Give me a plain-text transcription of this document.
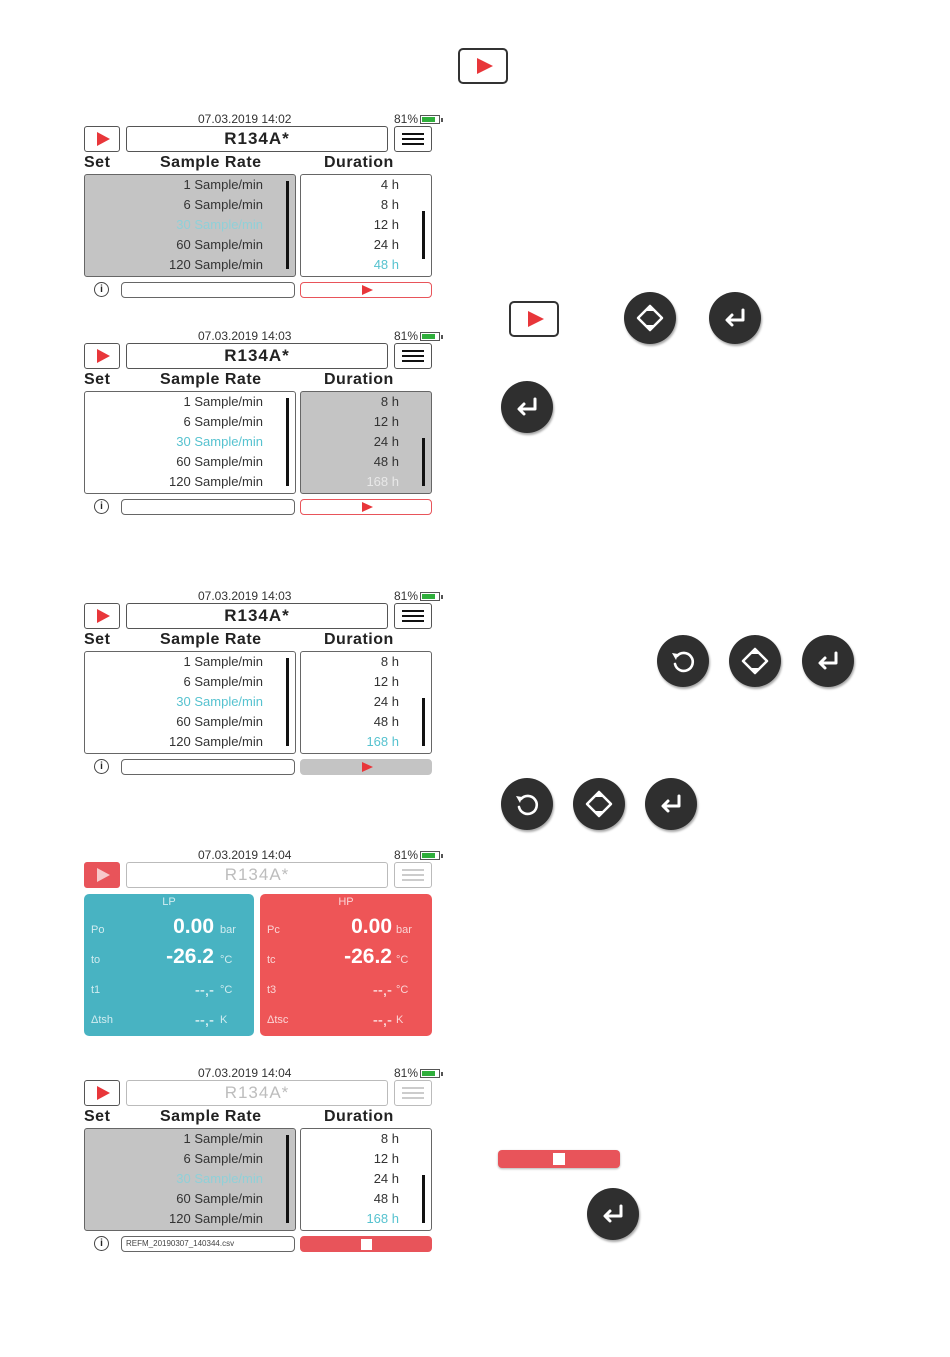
07.03.2019 14:02	81%
R134A*
Set	Sample Rate	Duration
1 Sample/min
6 Sample/min
30 Sample/min
60 Sample/min
120 Sample/min
4 h
8 h
12 h
24 h
48 h
i
07.03.2019 14:03	81%
R134A*
Set	Sample Rate	Duration
1 Sample/min
6 Sample/min
30 Sample/min
60 Sample/min
120 Sample/min
8 h
12 h
24 h
48 h
168 h
i
07.03.2019 14:03	81%
R134A*
Set	Sample Rate	Duration
1 Sample/min
6 Sample/min
30 Sample/min
60 Sample/min
120 Sample/min
8 h
12 h
24 h
48 h
168 h
i
07.03.2019 14:04	81%
R134A*
LP
Po	0.00 bar
to	-26.2 °C
t1	--,- °C
Δtsh	--,- K
HP
Pc	0.00 bar
tc	-26.2 °C
t3	--,- °C
Δtsc	--,- K
07.03.2019 14:04	81%
R134A*
Set	Sample Rate	Duration
1 Sample/min
6 Sample/min
30 Sample/min
60 Sample/min
120 Sample/min
8 h
12 h
24 h
48 h
168 h
i	REFM_20190307_140344.csv
